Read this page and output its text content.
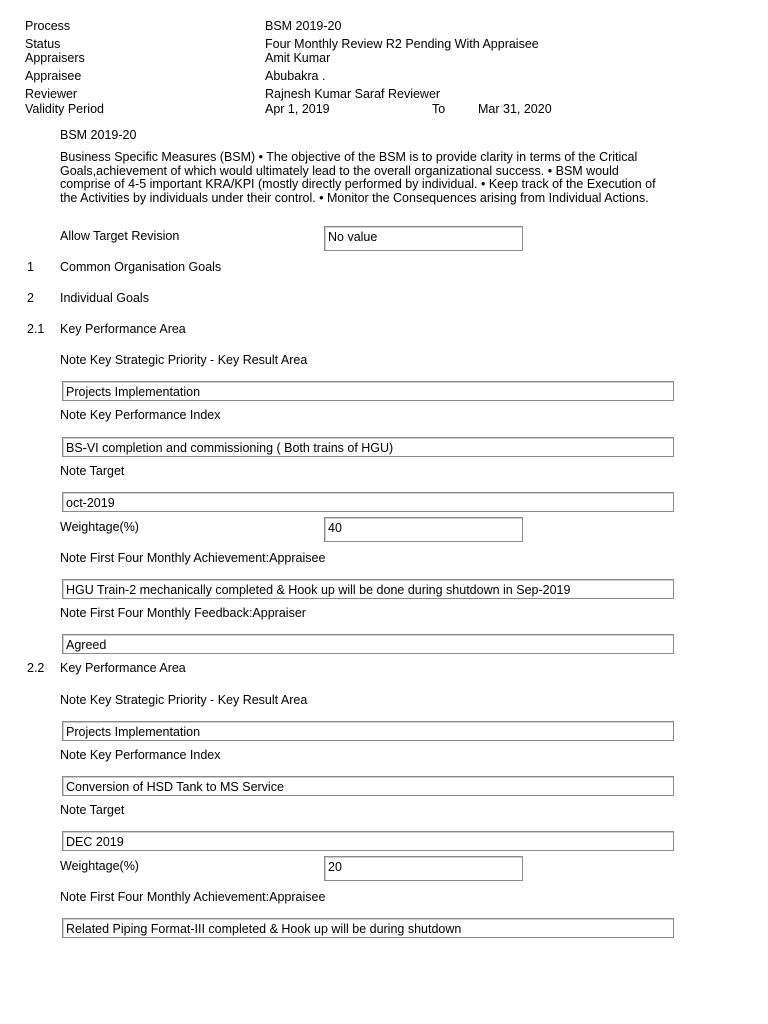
Process	BSM 2019-20
Status	Four Monthly Review R2 Pending With Appraisee
Appraisers	Amit Kumar
Appraisee	Abubakra .
Reviewer	Rajnesh Kumar Saraf Reviewer
Validity Period	Apr 1, 2019	To	Mar 31, 2020
BSM 2019-20
Business Specific Measures (BSM) • The objective of the BSM is to provide clarity in terms of the Critical Goals,achievement of which would ultimately lead to the overall organizational success. • BSM would comprise of 4-5 important KRA/KPI (mostly directly performed by individual. • Keep track of the Execution of the Activities by individuals under their control. • Monitor the Consequences arising from Individual Actions.
Allow Target Revision	No value
1 Common Organisation Goals
2 Individual Goals
2.1 Key Performance Area
Note Key Strategic Priority - Key Result Area
Projects Implementation
Note Key Performance Index
BS-VI completion and commissioning ( Both trains of HGU)
Note Target
oct-2019
Weightage(%)	40
Note First Four Monthly Achievement:Appraisee
HGU Train-2 mechanically completed & Hook up will be done during shutdown in Sep-2019
Note First Four Monthly Feedback:Appraiser
Agreed
2.2 Key Performance Area
Note Key Strategic Priority - Key Result Area
Projects Implementation
Note Key Performance Index
Conversion of HSD Tank to MS Service
Note Target
DEC 2019
Weightage(%)	20
Note First Four Monthly Achievement:Appraisee
Related Piping Format-III completed & Hook up will be during shutdown
